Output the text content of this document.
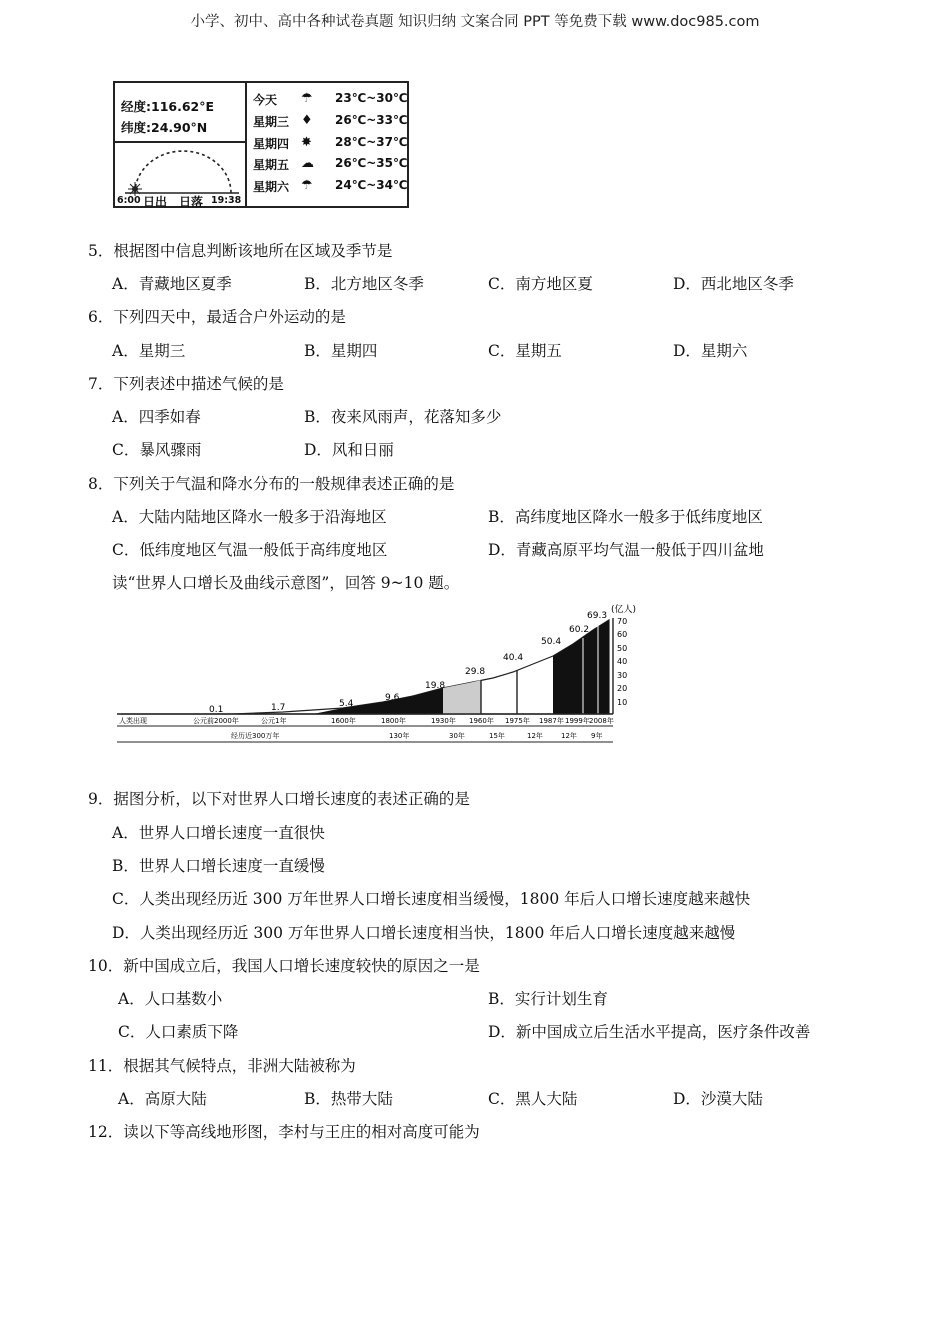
小学、初中、高中各种试卷真题 知识归纳 文案合同 PPT 等免费下载 www.doc985.com
经度:116.62°E
纬度:24.90°N
6:00 日出 日落 19:38
今天 ☂ 23℃~30℃
星期三 ♦ 26℃~33℃
星期四 ✸ 28℃~37℃
星期五 ☁ 26℃~35℃
星期六 ☂ 24℃~34℃
5．根据图中信息判断该地所在区域及季节是
A．青藏地区夏季	B．北方地区冬季	C．南方地区夏	D．西北地区冬季
6．下列四天中，最适合户外运动的是
A．星期三	B．星期四	C．星期五	D．星期六
7．下列表述中描述气候的是
A．四季如春	B．夜来风雨声，花落知多少
C．暴风骤雨	D．风和日丽
8．下列关于气温和降水分布的一般规律表述正确的是
A．大陆内陆地区降水一般多于沿海地区	B．高纬度地区降水一般多于低纬度地区
C．低纬度地区气温一般低于高纬度地区	D．青藏高原平均气温一般低于四川盆地
读“世界人口增长及曲线示意图”，回答 9~10 题。
(亿人)
70
60
50
40
30
20
10
0.1	1.7	5.4
9.6
19.8
29.8
40.4
50.4
60.2
69.3
人类出现	公元前2000年	公元1年	1600年	1800年	1930年 1960年 1975年 1987年 1999年 2008年
经历近300万年	130年	30年	15年	12年	12年 9年
9．据图分析，以下对世界人口增长速度的表述正确的是
A．世界人口增长速度一直很快
B．世界人口增长速度一直缓慢
C．人类出现经历近 300 万年世界人口增长速度相当缓慢，1800 年后人口增长速度越来越快
D．人类出现经历近 300 万年世界人口增长速度相当快，1800 年后人口增长速度越来越慢
10．新中国成立后，我国人口增长速度较快的原因之一是
A．人口基数小	B．实行计划生育
C．人口素质下降	D．新中国成立后生活水平提高，医疗条件改善
11．根据其气候特点，非洲大陆被称为
A．高原大陆	B．热带大陆	C．黑人大陆	D．沙漠大陆
12．读以下等高线地形图，李村与王庄的相对高度可能为
